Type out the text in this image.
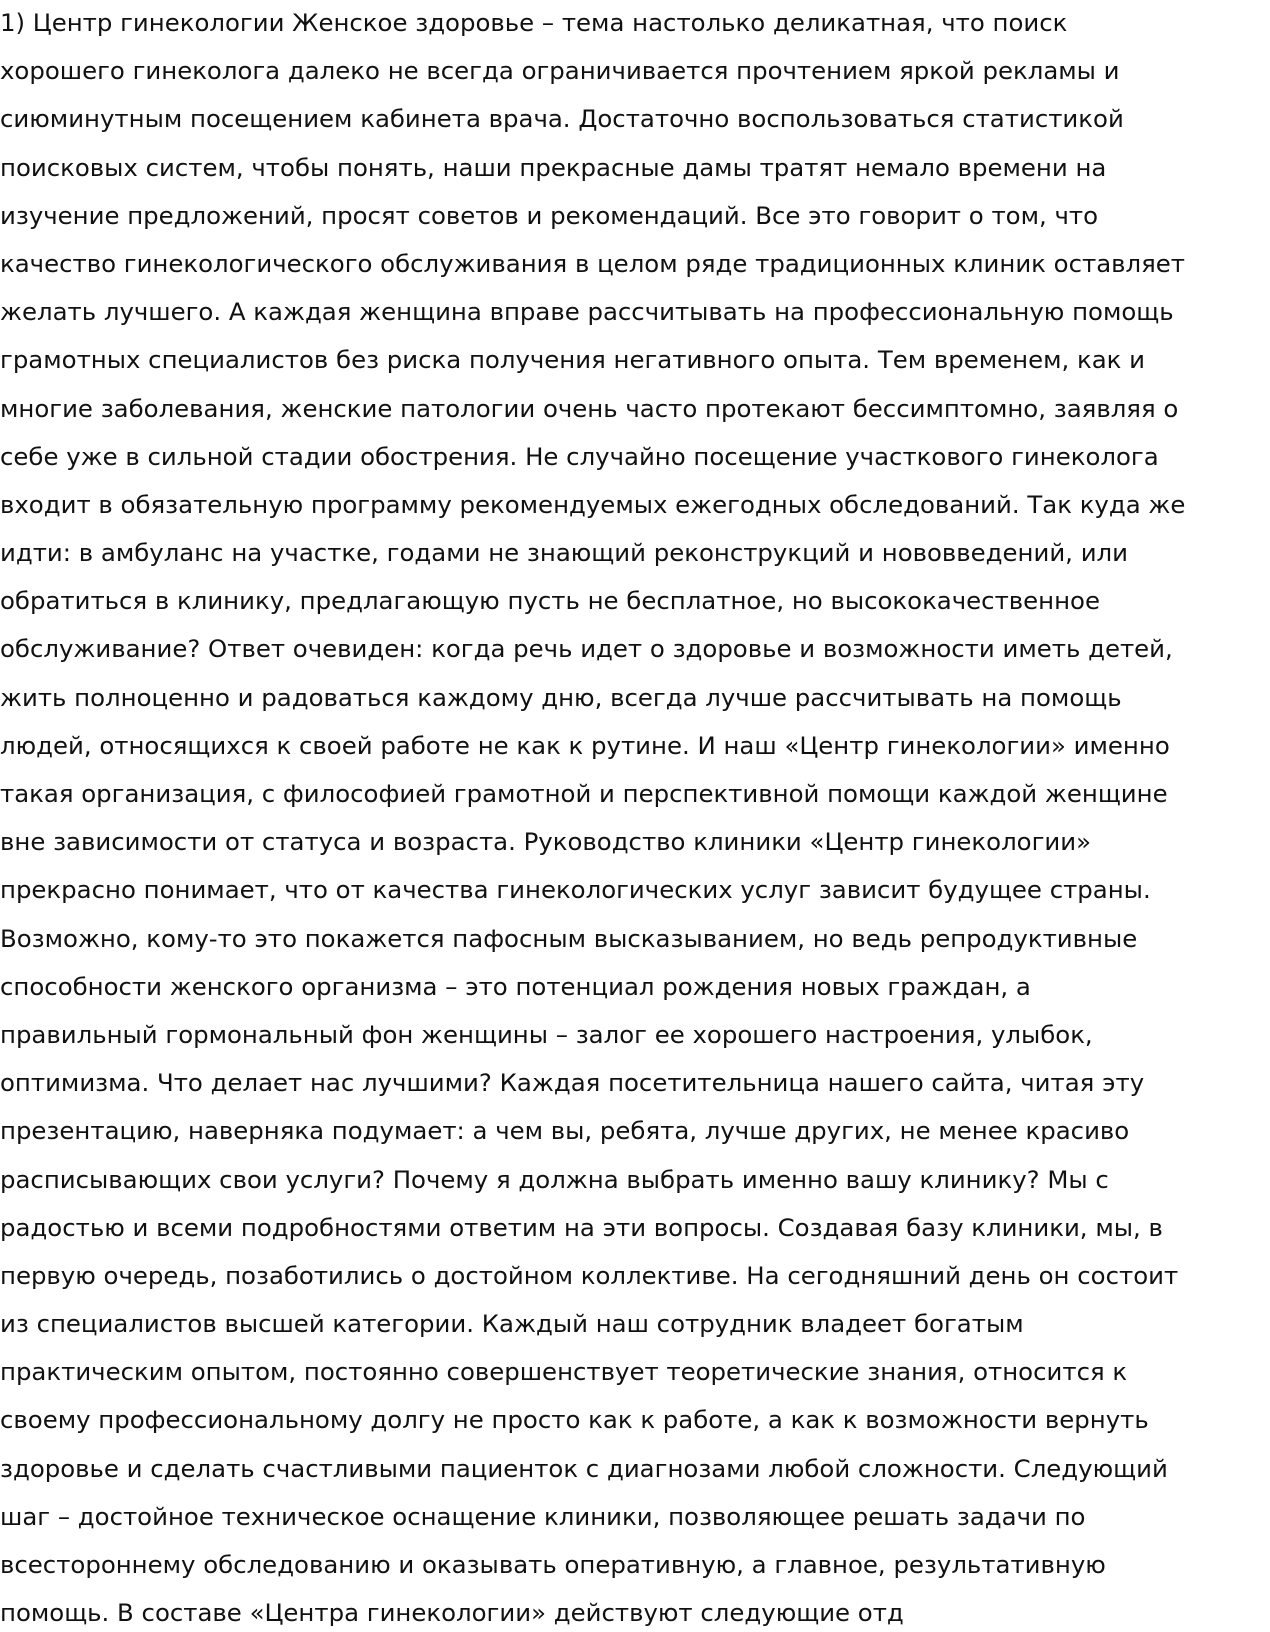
1) Центр гинекологии Женское здоровье – тема настолько деликатная, что поиск
хорошего гинеколога далеко не всегда ограничивается прочтением яркой рекламы и
сиюминутным посещением кабинета врача. Достаточно воспользоваться статистикой
поисковых систем, чтобы понять, наши прекрасные дамы тратят немало времени на
изучение предложений, просят советов и рекомендаций. Все это говорит о том, что
качество гинекологического обслуживания в целом ряде традиционных клиник оставляет
желать лучшего. А каждая женщина вправе рассчитывать на профессиональную помощь
грамотных специалистов без риска получения негативного опыта. Тем временем, как и
многие заболевания, женские патологии очень часто протекают бессимптомно, заявляя о
себе уже в сильной стадии обострения. Не случайно посещение участкового гинеколога
входит в обязательную программу рекомендуемых ежегодных обследований. Так куда же
идти: в амбуланс на участке, годами не знающий реконструкций и нововведений, или
обратиться в клинику, предлагающую пусть не бесплатное, но высококачественное
обслуживание? Ответ очевиден: когда речь идет о здоровье и возможности иметь детей,
жить полноценно и радоваться каждому дню, всегда лучше рассчитывать на помощь
людей, относящихся к своей работе не как к рутине. И наш «Центр гинекологии» именно
такая организация, с философией грамотной и перспективной помощи каждой женщине
вне зависимости от статуса и возраста. Руководство клиники «Центр гинекологии»
прекрасно понимает, что от качества гинекологических услуг зависит будущее страны.
Возможно, кому-то это покажется пафосным высказыванием, но ведь репродуктивные
способности женского организма – это потенциал рождения новых граждан, а
правильный гормональный фон женщины – залог ее хорошего настроения, улыбок,
оптимизма. Что делает нас лучшими? Каждая посетительница нашего сайта, читая эту
презентацию, наверняка подумает: а чем вы, ребята, лучше других, не менее красиво
расписывающих свои услуги? Почему я должна выбрать именно вашу клинику? Мы с
радостью и всеми подробностями ответим на эти вопросы. Создавая базу клиники, мы, в
первую очередь, позаботились о достойном коллективе. На сегодняшний день он состоит
из специалистов высшей категории. Каждый наш сотрудник владеет богатым
практическим опытом, постоянно совершенствует теоретические знания, относится к
своему профессиональному долгу не просто как к работе, а как к возможности вернуть
здоровье и сделать счастливыми пациенток с диагнозами любой сложности. Следующий
шаг – достойное техническое оснащение клиники, позволяющее решать задачи по
всестороннему обследованию и оказывать оперативную, а главное, результативную
помощь. В составе «Центра гинекологии» действуют следующие отд
